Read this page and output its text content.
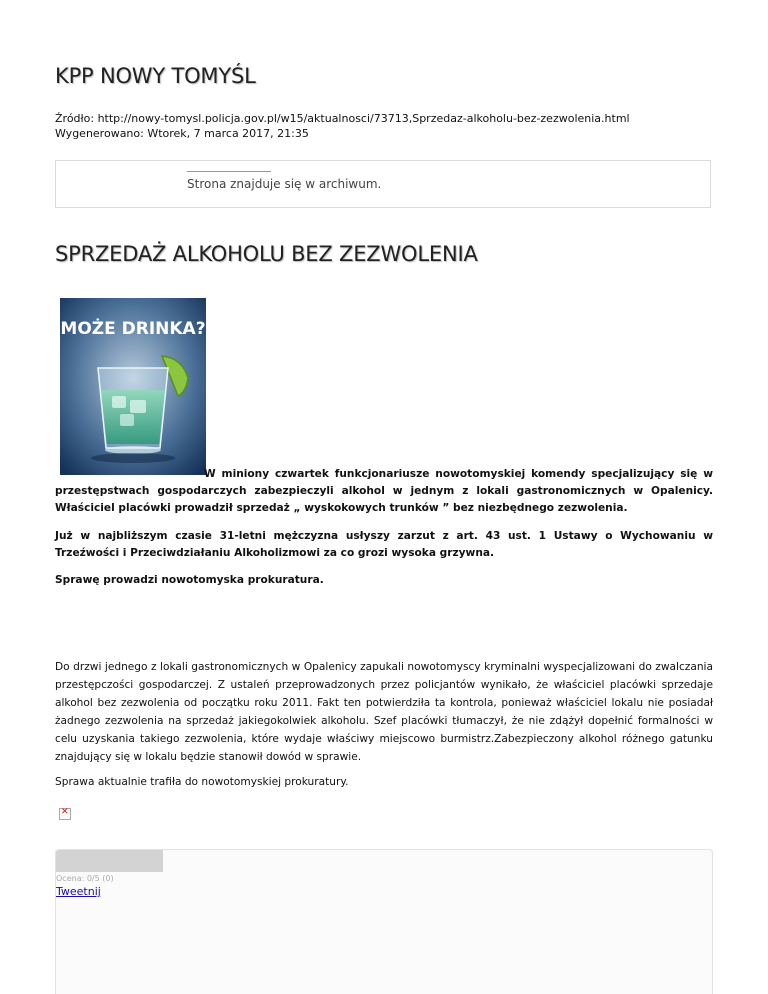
KPP NOWY TOMYŚL
Źródło: http://nowy-tomysl.policja.gov.pl/w15/aktualnosci/73713,Sprzedaz-alkoholu-bez-zezwolenia.html
Wygenerowano: Wtorek, 7 marca 2017, 21:35
Strona znajduje się w archiwum.
SPRZEDAŻ ALKOHOLU BEZ ZEZWOLENIA
MOŻE DRINKA?

W miniony czwartek funkcjonariusze nowotomyskiej komendy specjalizujący się w przestępstwach gospodarczych zabezpieczyli alkohol w jednym z lokali gastronomicznych w Opalenicy. Właściciel placówki prowadził sprzedaż „ wyskokowych trunków ” bez niezbędnego zezwolenia.

Już w najbliższym czasie 31-letni mężczyzna usłyszy zarzut z art. 43 ust. 1 Ustawy o Wychowaniu w Trzeźwości i Przeciwdziałaniu Alkoholizmowi za co grozi wysoka grzywna.

Sprawę prowadzi nowotomyska prokuratura.

Do drzwi jednego z lokali gastronomicznych w Opalenicy zapukali nowotomyscy kryminalni wyspecjalizowani do zwalczania przestępczości gospodarczej. Z ustaleń przeprowadzonych przez policjantów wynikało, że właściciel placówki sprzedaje alkohol bez zezwolenia od początku roku 2011. Fakt ten potwierdziła ta kontrola, ponieważ właściciel lokalu nie posiadał żadnego zezwolenia na sprzedaż jakiegokolwiek alkoholu. Szef placówki tłumaczył, że nie zdążył dopełnić formalności w celu uzyskania takiego zezwolenia, które wydaje właściwy miejscowo burmistrz.Zabezpieczony alkohol różnego gatunku znajdujący się w lokalu będzie stanowił dowód w sprawie.

Sprawa aktualnie trafiła do nowotomyskiej prokuratury.

✕
Ocena: 0/5 (0)
Tweetnij
